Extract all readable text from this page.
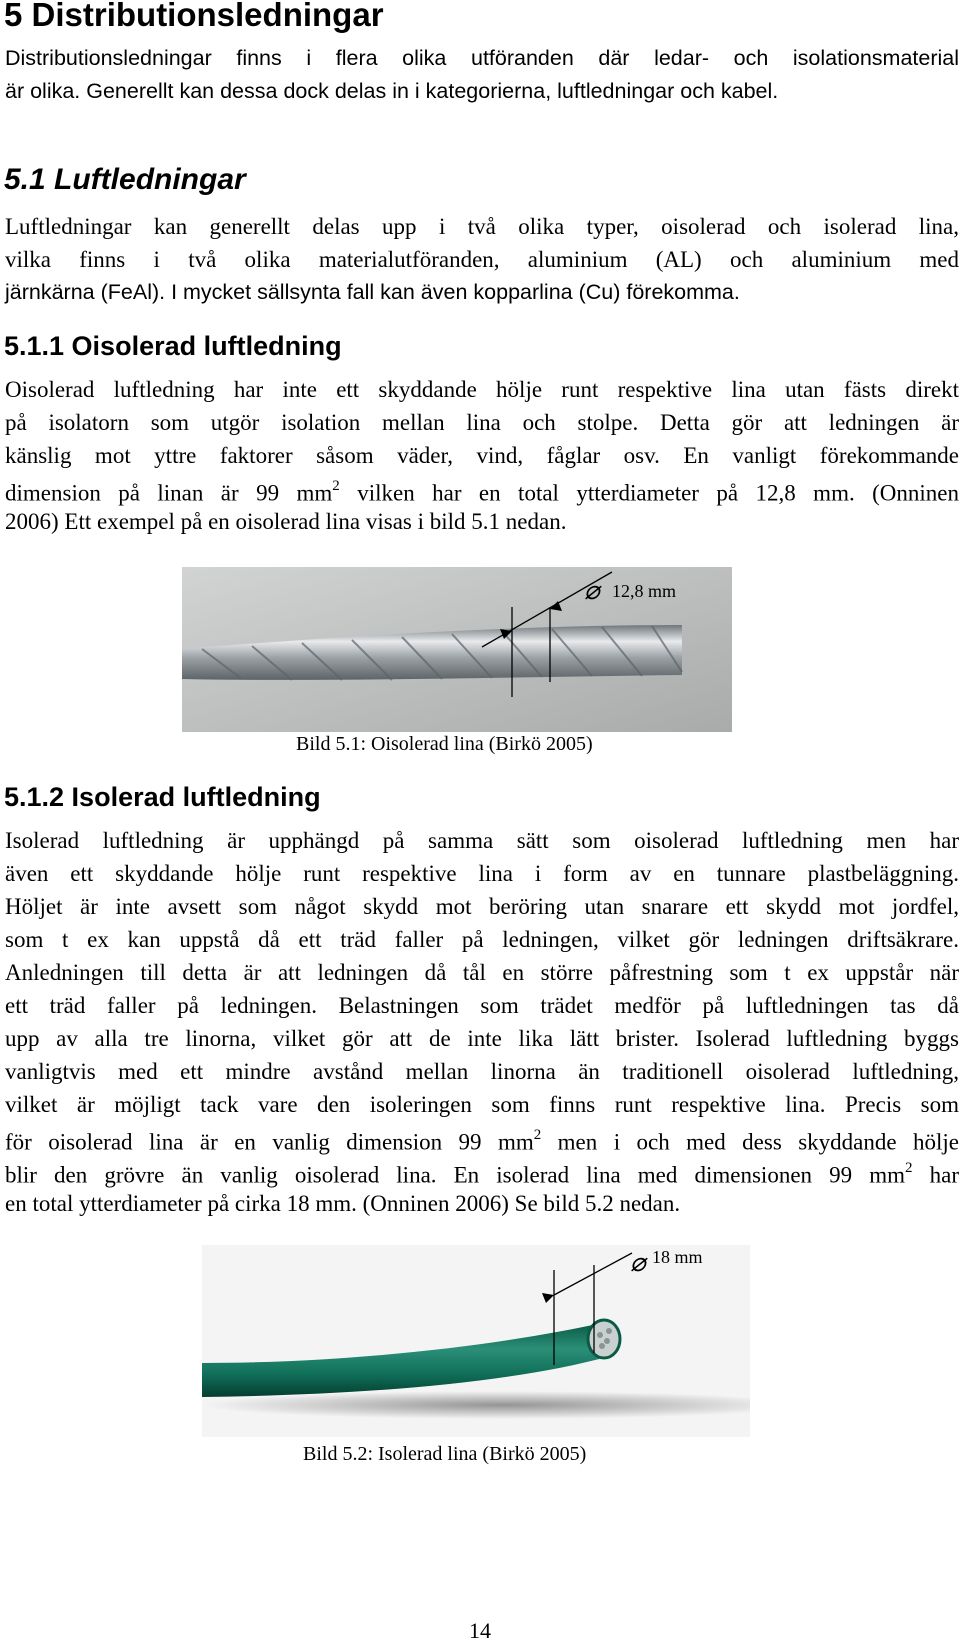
5 Distributionsledningar
Distributionsledningar finns i flera olika utföranden där ledar- och isolationsmaterial
är olika. Generellt kan dessa dock delas in i kategorierna, luftledningar och kabel.
5.1 Luftledningar
Luftledningar kan generellt delas upp i två olika typer, oisolerad och isolerad lina,
vilka finns i två olika materialutföranden, aluminium (AL) och aluminium med
järnkärna (FeAl). I mycket sällsynta fall kan även kopparlina (Cu) förekomma.
5.1.1 Oisolerad luftledning
Oisolerad luftledning har inte ett skyddande hölje runt respektive lina utan fästs direkt
på isolatorn som utgör isolation mellan lina och stolpe. Detta gör att ledningen är
känslig mot yttre faktorer såsom väder, vind, fåglar osv. En vanligt förekommande
dimension på linan är 99 $mm^2$ vilken har en total ytterdiameter på 12,8 mm. (Onninen
2006) Ett exempel på en oisolerad lina visas i bild 5.1 nedan.
⌀ 12,8 mm
Bild 5.1: Oisolerad lina (Birkö 2005)
5.1.2 Isolerad luftledning
Isolerad luftledning är upphängd på samma sätt som oisolerad luftledning men har
även ett skyddande hölje runt respektive lina i form av en tunnare plastbeläggning.
Höljet är inte avsett som något skydd mot beröring utan snarare ett skydd mot jordfel,
som t ex kan uppstå då ett träd faller på ledningen, vilket gör ledningen driftsäkrare.
Anledningen till detta är att ledningen då tål en större påfrestning som t ex uppstår när
ett träd faller på ledningen. Belastningen som trädet medför på luftledningen tas då
upp av alla tre linorna, vilket gör att de inte lika lätt brister. Isolerad luftledning byggs
vanligtvis med ett mindre avstånd mellan linorna än traditionell oisolerad luftledning,
vilket är möjligt tack vare den isoleringen som finns runt respektive lina. Precis som
för oisolerad lina är en vanlig dimension 99 $mm^2$ men i och med dess skyddande hölje
blir den grövre än vanlig oisolerad lina. En isolerad lina med dimensionen 99 $mm^2$ har
en total ytterdiameter på cirka 18 mm. (Onninen 2006) Se bild 5.2 nedan.
⌀ 18 mm
Bild 5.2: Isolerad lina (Birkö 2005)
14
